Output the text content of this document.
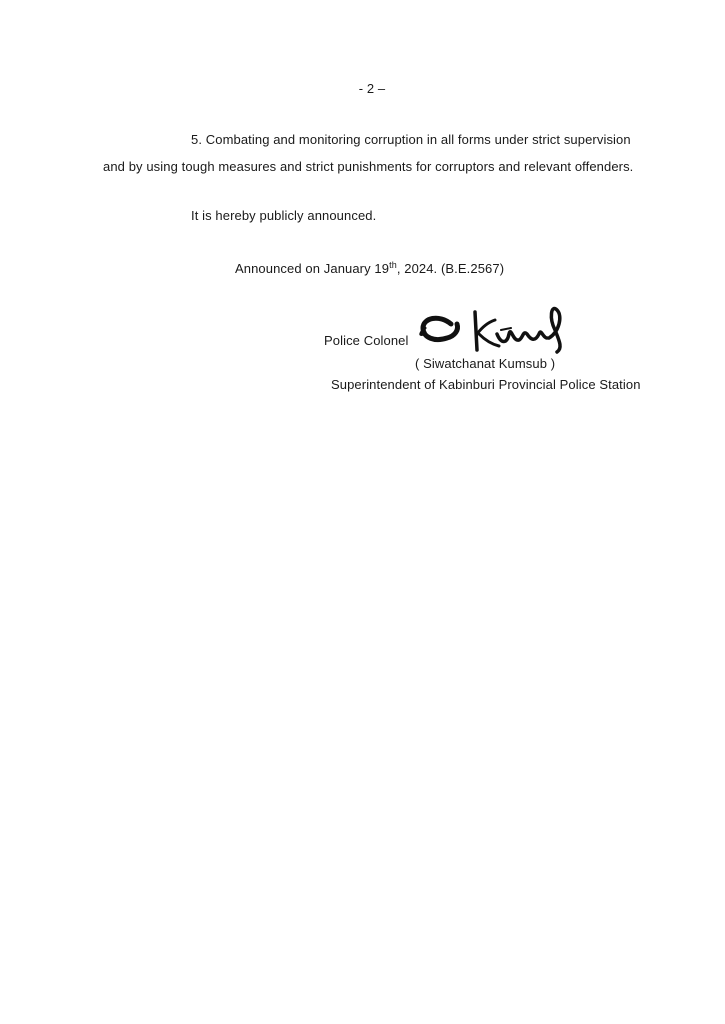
- 2 –
5. Combating and monitoring corruption in all forms under strict supervision
and by using tough measures and strict punishments for corruptors and relevant offenders.
It is hereby publicly announced.
Announced on January 19th, 2024. (B.E.2567)
Police Colonel
( Siwatchanat Kumsub )
Superintendent of Kabinburi Provincial Police Station
